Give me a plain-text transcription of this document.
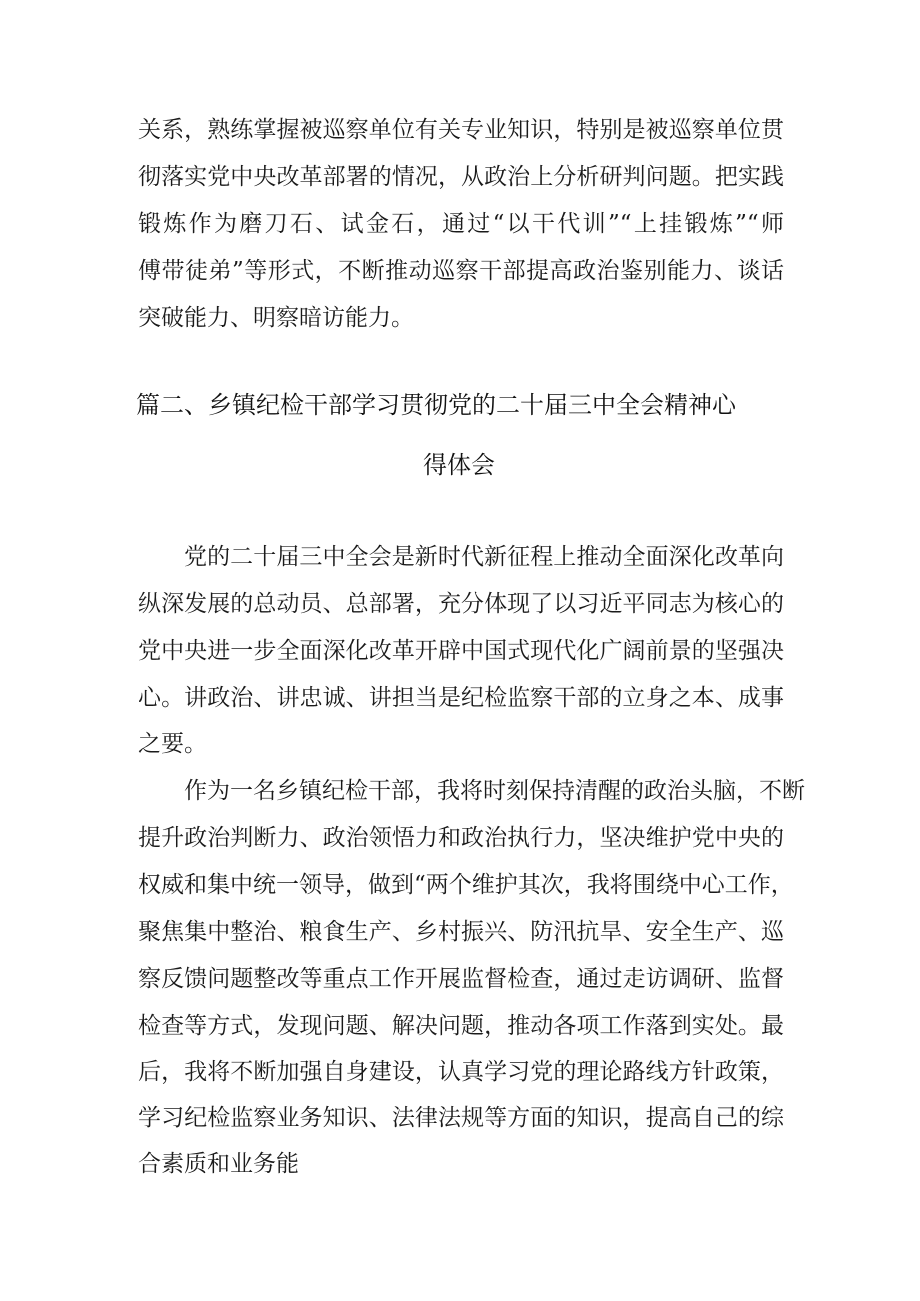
关系，熟练掌握被巡察单位有关专业知识，特别是被巡察单位贯
彻落实党中央改革部署的情况，从政治上分析研判问题。把实践
锻炼作为磨刀石、试金石，通过“以干代训”“上挂锻炼”“师
傅带徒弟”等形式，不断推动巡察干部提高政治鉴别能力、谈话
突破能力、明察暗访能力。
篇二、乡镇纪检干部学习贯彻党的二十届三中全会精神心
得体会
党的二十届三中全会是新时代新征程上推动全面深化改革向
纵深发展的总动员、总部署，充分体现了以习近平同志为核心的
党中央进一步全面深化改革开辟中国式现代化广阔前景的坚强决
心。讲政治、讲忠诚、讲担当是纪检监察干部的立身之本、成事
之要。
作为一名乡镇纪检干部，我将时刻保持清醒的政治头脑，不断
提升政治判断力、政治领悟力和政治执行力，坚决维护党中央的
权威和集中统一领导，做到“两个维护其次，我将围绕中心工作，
聚焦集中整治、粮食生产、乡村振兴、防汛抗旱、安全生产、巡
察反馈问题整改等重点工作开展监督检查，通过走访调研、监督
检查等方式，发现问题、解决问题，推动各项工作落到实处。最
后，我将不断加强自身建设，认真学习党的理论路线方针政策，
学习纪检监察业务知识、法律法规等方面的知识，提高自己的综
合素质和业务能
